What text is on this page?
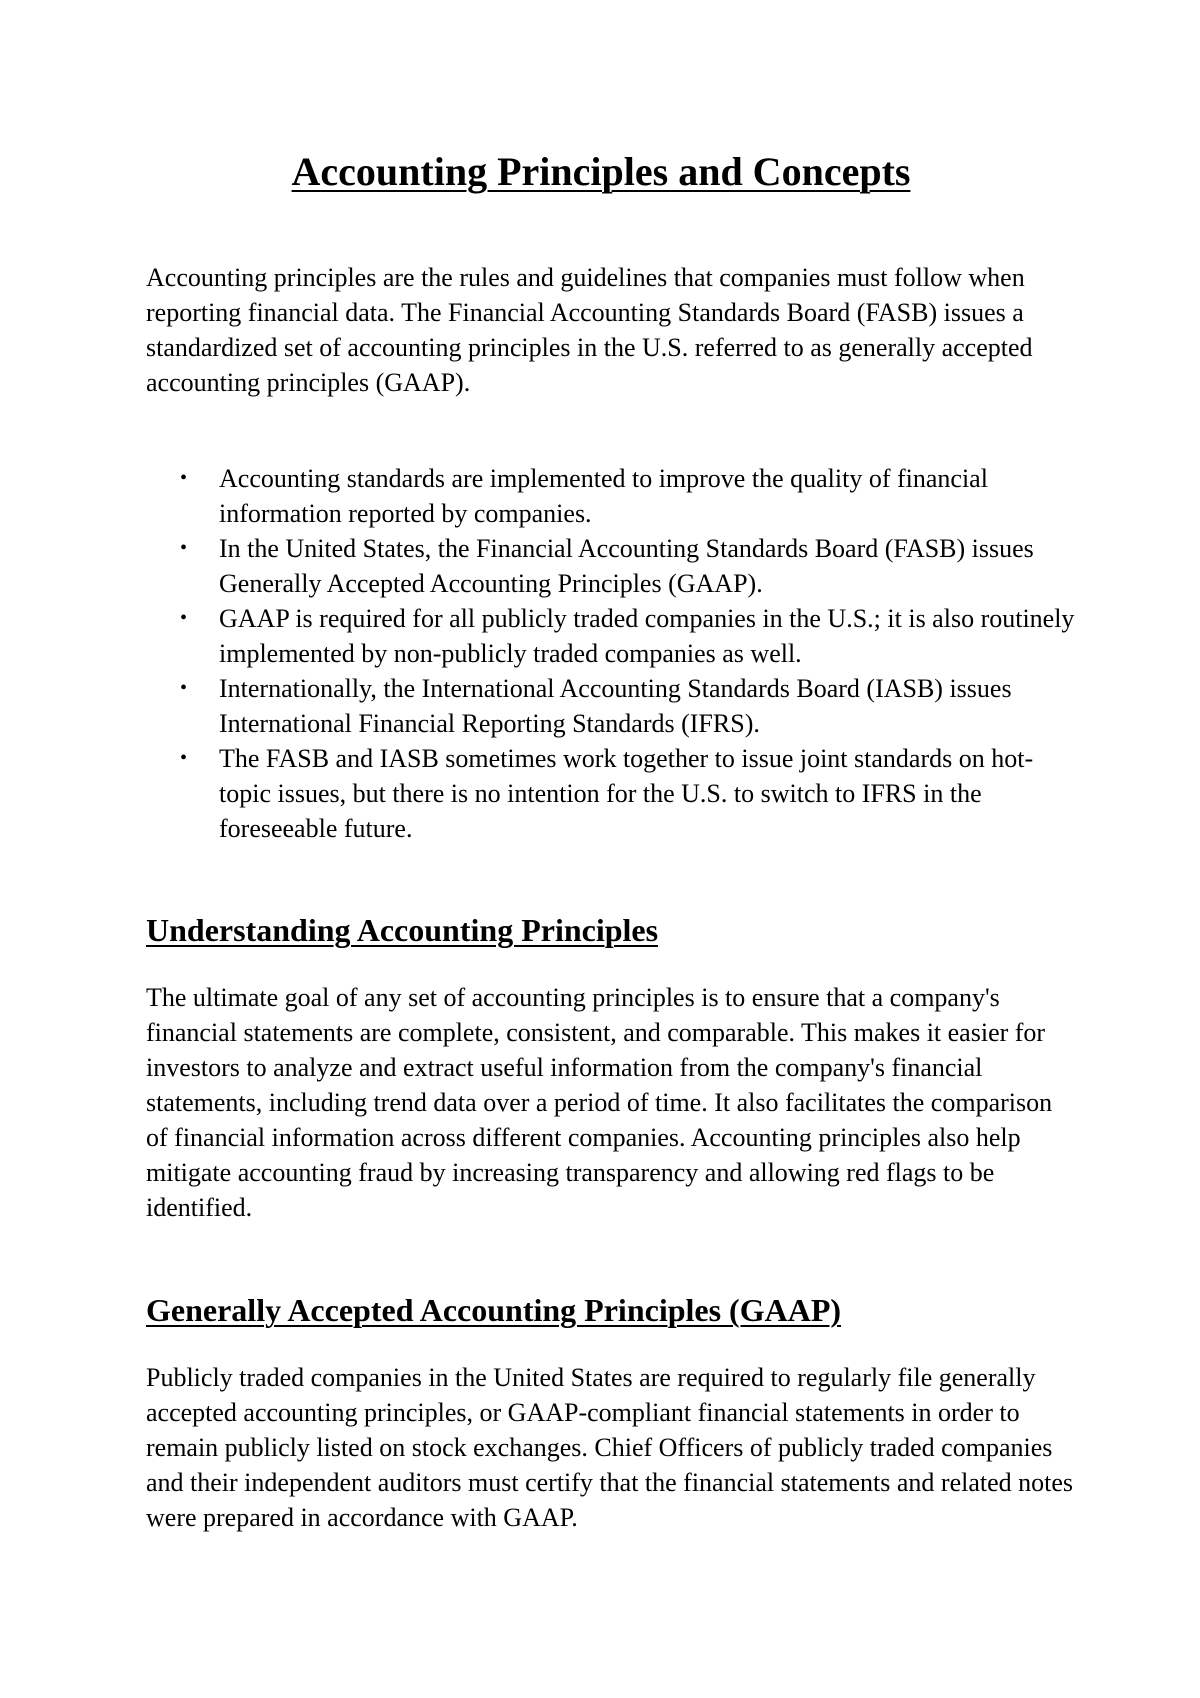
Accounting Principles and Concepts

Accounting principles are the rules and guidelines that companies must follow when reporting financial data. The Financial Accounting Standards Board (FASB) issues a standardized set of accounting principles in the U.S. referred to as generally accepted accounting principles (GAAP).

• Accounting standards are implemented to improve the quality of financial information reported by companies.
• In the United States, the Financial Accounting Standards Board (FASB) issues Generally Accepted Accounting Principles (GAAP).
• GAAP is required for all publicly traded companies in the U.S.; it is also routinely implemented by non-publicly traded companies as well.
• Internationally, the International Accounting Standards Board (IASB) issues International Financial Reporting Standards (IFRS).
• The FASB and IASB sometimes work together to issue joint standards on hot-topic issues, but there is no intention for the U.S. to switch to IFRS in the foreseeable future.
Understanding Accounting Principles

The ultimate goal of any set of accounting principles is to ensure that a company's financial statements are complete, consistent, and comparable. This makes it easier for investors to analyze and extract useful information from the company's financial statements, including trend data over a period of time. It also facilitates the comparison of financial information across different companies. Accounting principles also help mitigate accounting fraud by increasing transparency and allowing red flags to be identified.

Generally Accepted Accounting Principles (GAAP)

Publicly traded companies in the United States are required to regularly file generally accepted accounting principles, or GAAP-compliant financial statements in order to remain publicly listed on stock exchanges. Chief Officers of publicly traded companies and their independent auditors must certify that the financial statements and related notes were prepared in accordance with GAAP.
